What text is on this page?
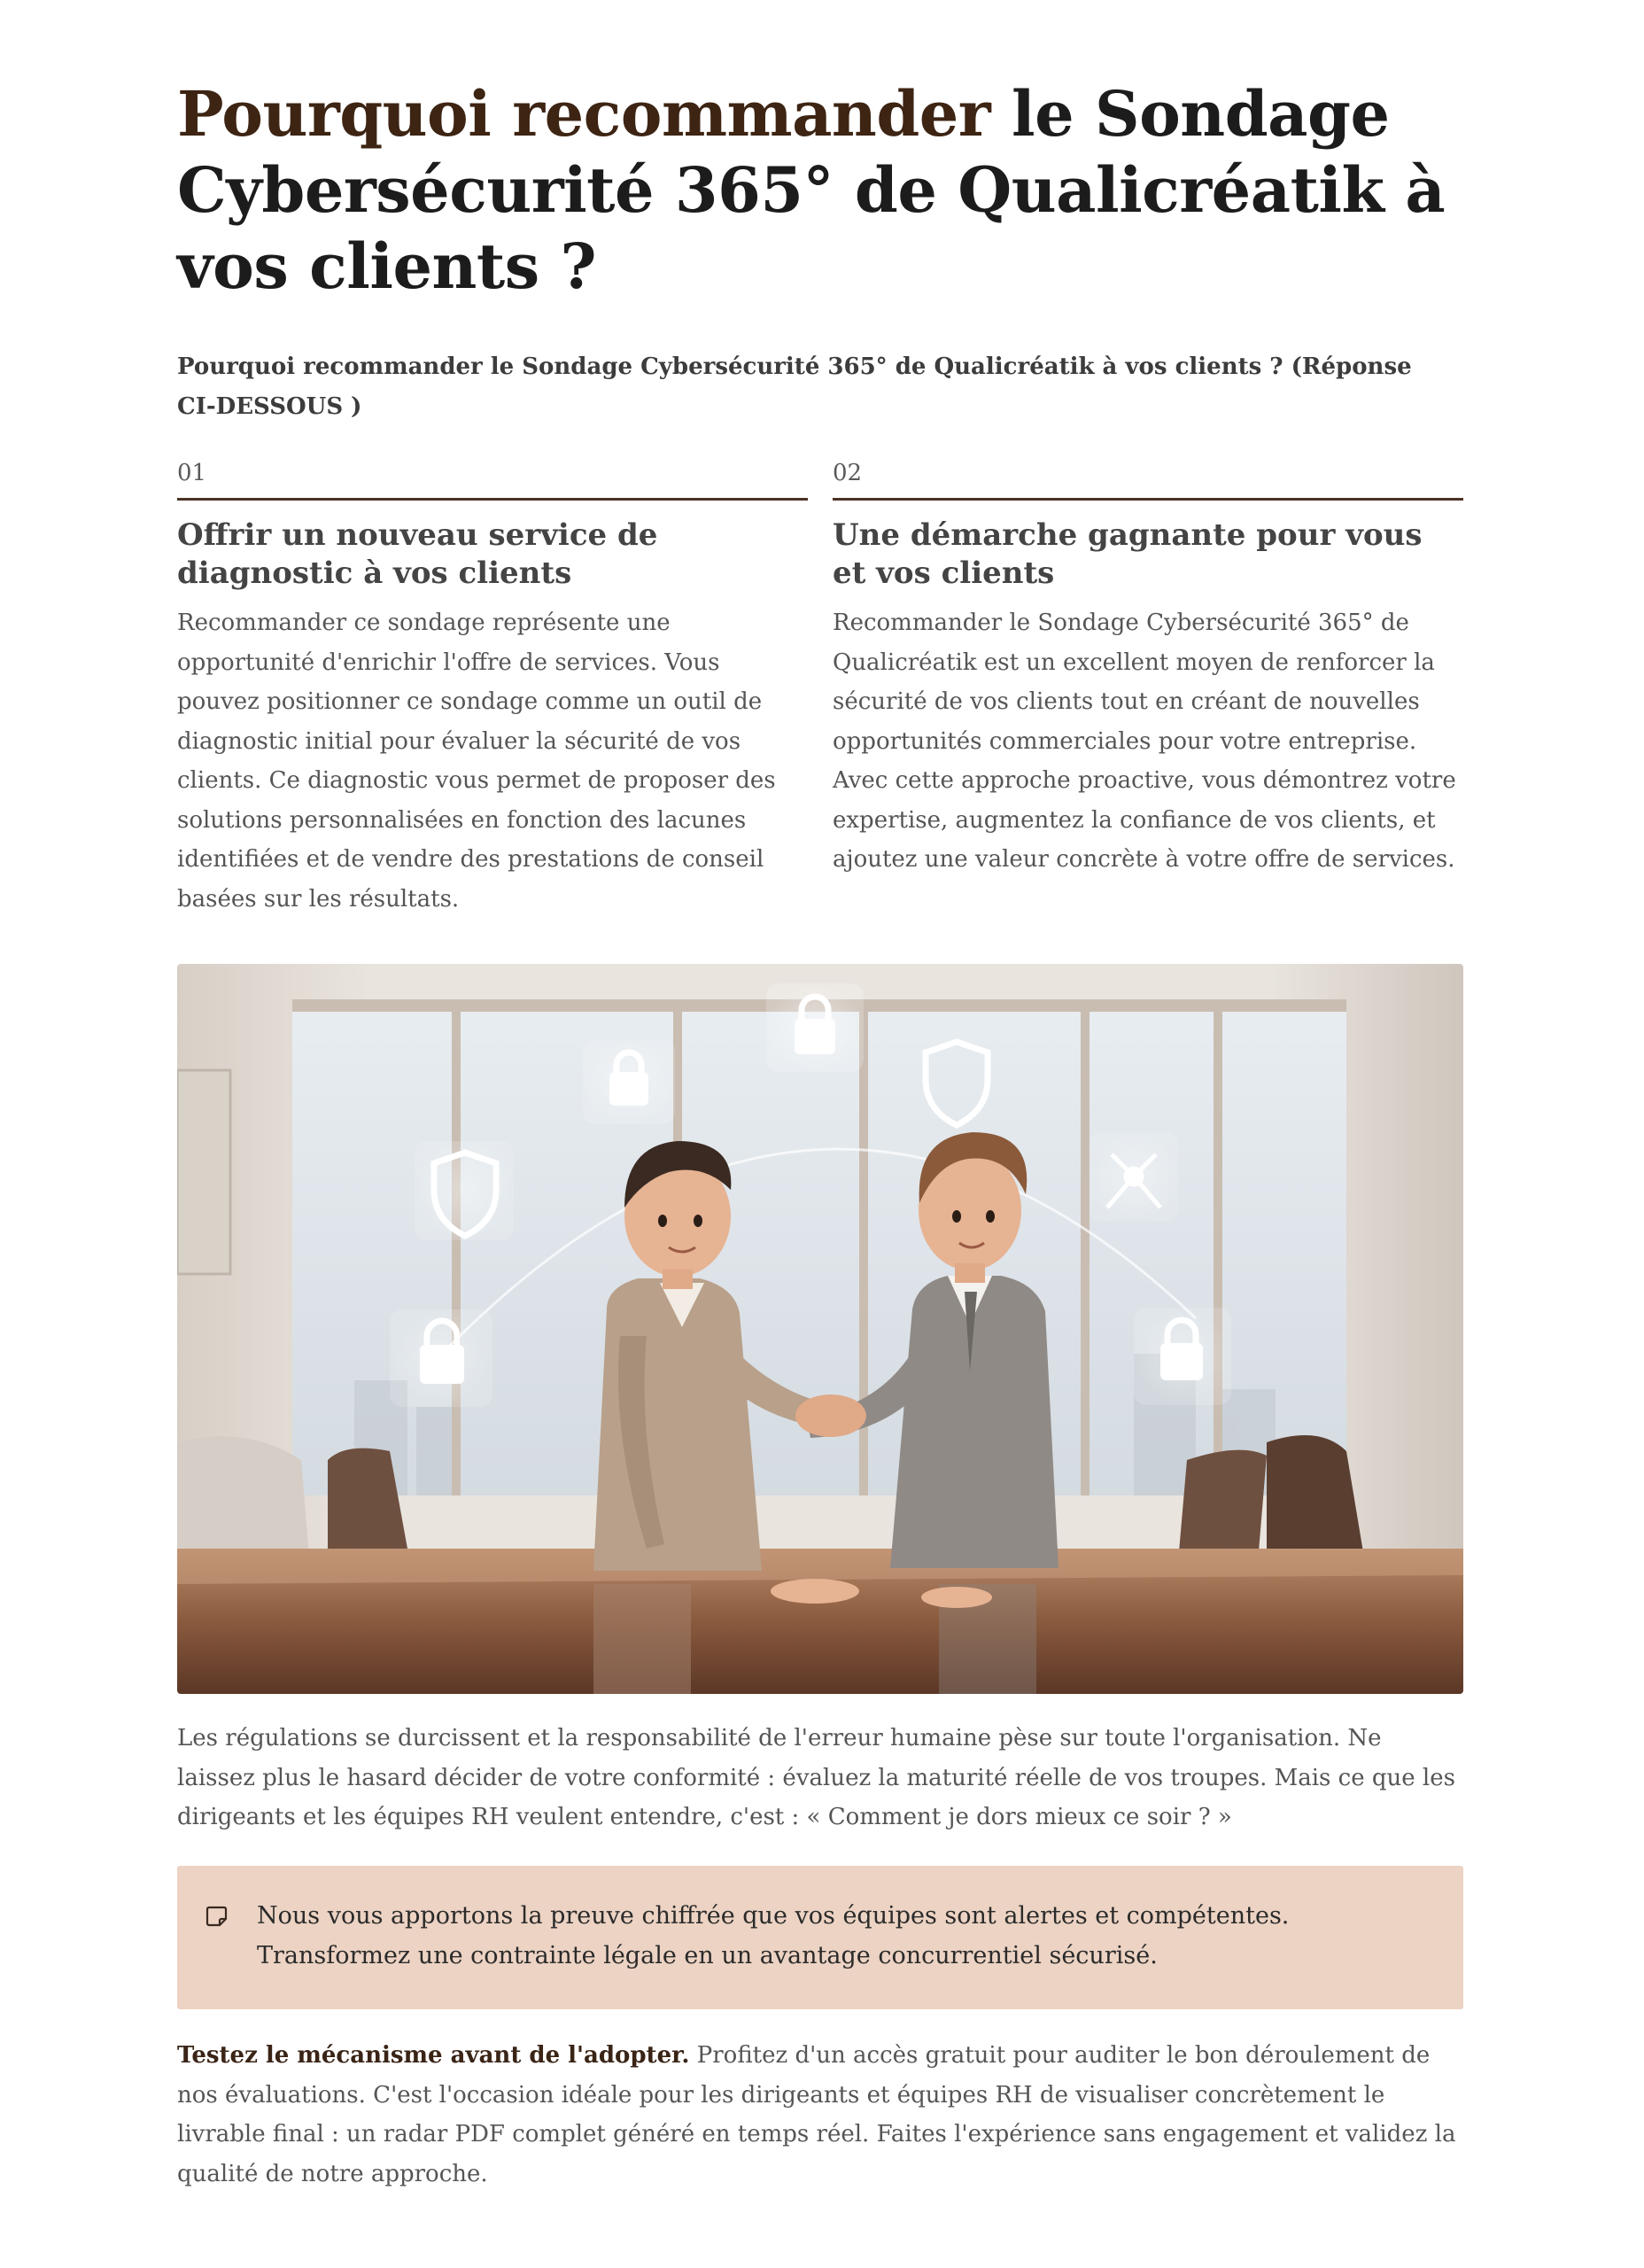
Pourquoi recommander le Sondage Cybersécurité 365° de Qualicréatik à vos clients ?
Pourquoi recommander le Sondage Cybersécurité 365° de Qualicréatik à vos clients ? (Réponse CI-DESSOUS )
01
Offrir un nouveau service de diagnostic à vos clients

Recommander ce sondage représente une opportunité d'enrichir l'offre de services. Vous pouvez positionner ce sondage comme un outil de diagnostic initial pour évaluer la sécurité de vos clients. Ce diagnostic vous permet de proposer des solutions personnalisées en fonction des lacunes identifiées et de vendre des prestations de conseil basées sur les résultats.

02
Une démarche gagnante pour vous et vos clients

Recommander le Sondage Cybersécurité 365° de Qualicréatik est un excellent moyen de renforcer la sécurité de vos clients tout en créant de nouvelles opportunités commerciales pour votre entreprise. Avec cette approche proactive, vous démontrez votre expertise, augmentez la confiance de vos clients, et ajoutez une valeur concrète à votre offre de services.

Les régulations se durcissent et la responsabilité de l'erreur humaine pèse sur toute l'organisation. Ne laissez plus le hasard décider de votre conformité : évaluez la maturité réelle de vos troupes. Mais ce que les dirigeants et les équipes RH veulent entendre, c'est : « Comment je dors mieux ce soir ? »
Nous vous apportons la preuve chiffrée que vos équipes sont alertes et compétentes. Transformez une contrainte légale en un avantage concurrentiel sécurisé.
Testez le mécanisme avant de l'adopter. Profitez d'un accès gratuit pour auditer le bon déroulement de nos évaluations. C'est l'occasion idéale pour les dirigeants et équipes RH de visualiser concrètement le livrable final : un radar PDF complet généré en temps réel. Faites l'expérience sans engagement et validez la qualité de notre approche.
